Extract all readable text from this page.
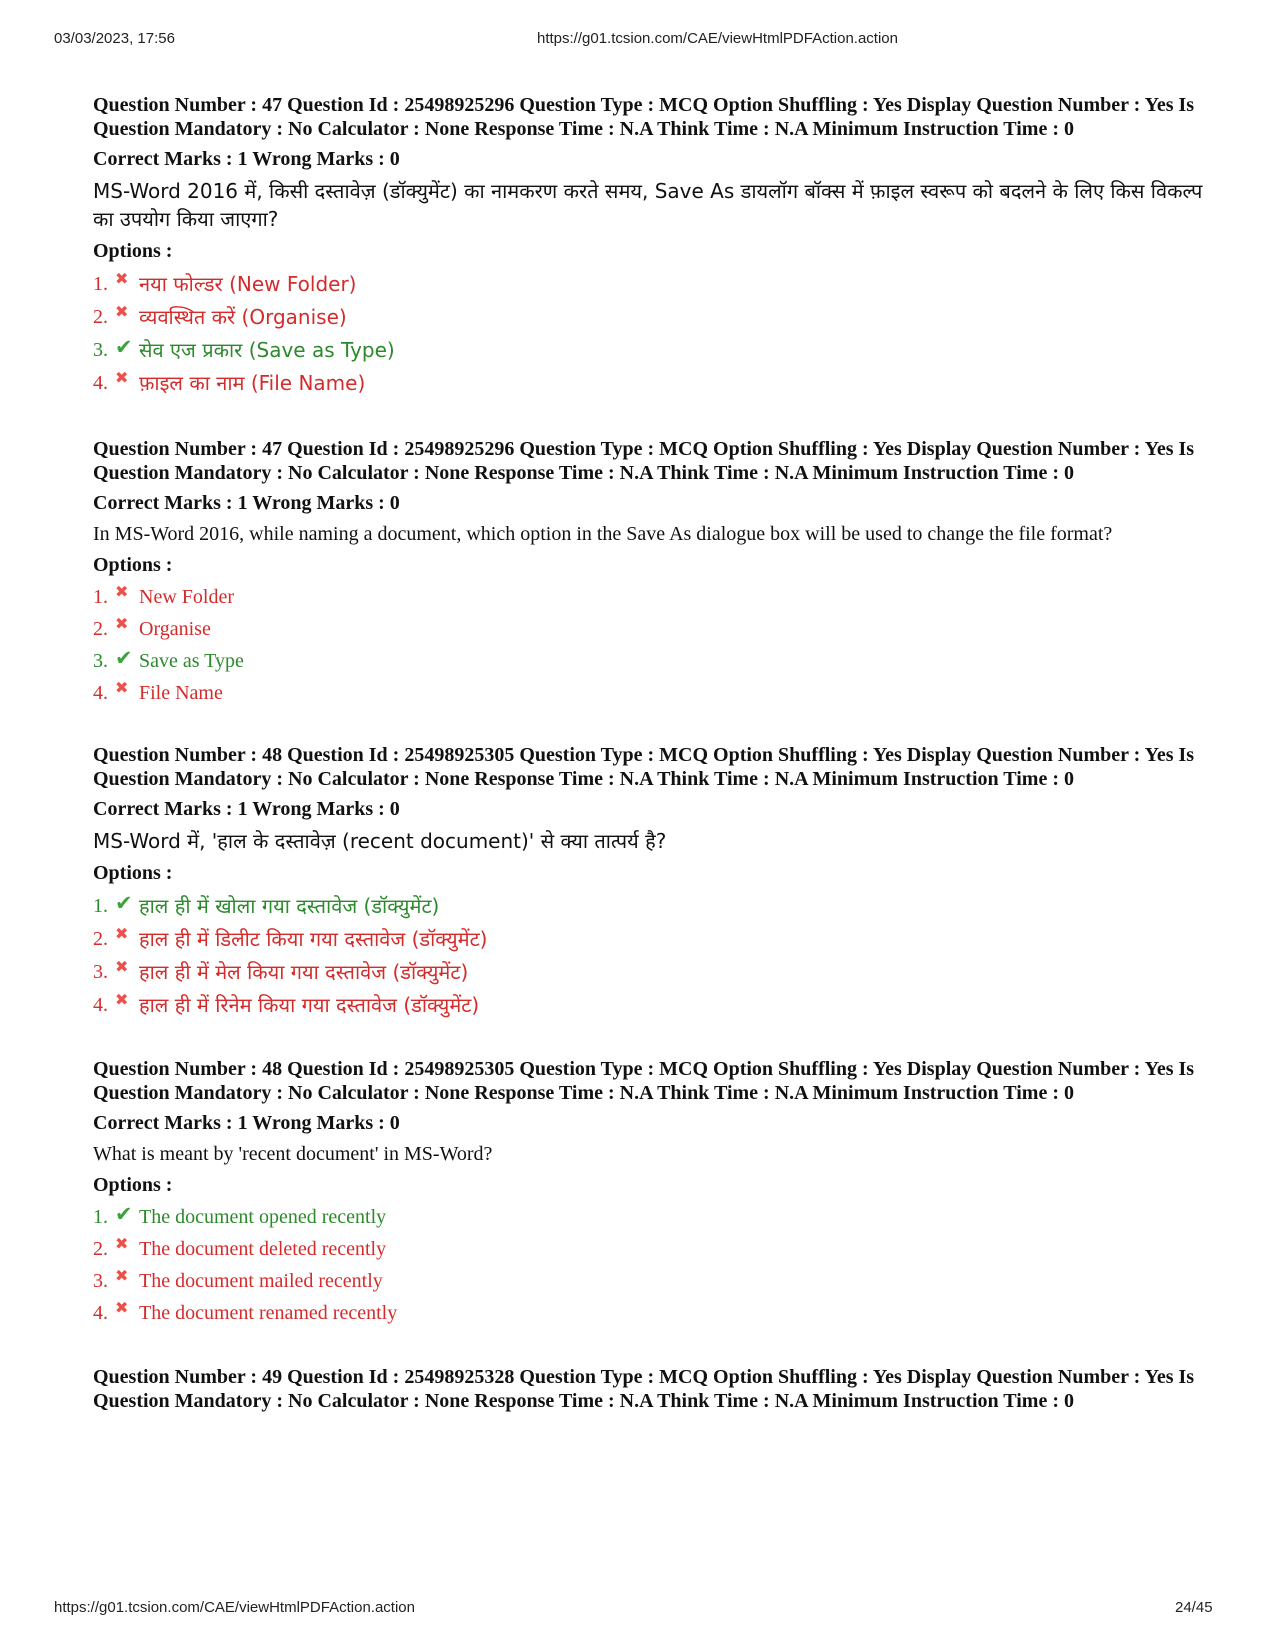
03/03/2023, 17:56	https://g01.tcsion.com/CAE/viewHtmlPDFAction.action
Question Number : 47 Question Id : 25498925296 Question Type : MCQ Option Shuffling : Yes Display Question Number : Yes Is Question Mandatory : No Calculator : None Response Time : N.A Think Time : N.A Minimum Instruction Time : 0
Correct Marks : 1 Wrong Marks : 0
MS-Word 2016 में, किसी दस्तावेज़ (डॉक्युमेंट) का नामकरण करते समय, Save As डायलॉग बॉक्स में फ़ाइल स्वरूप को बदलने के लिए किस विकल्प का उपयोग किया जाएगा?
Options :
1. ✖ नया फोल्डर (New Folder)
2. ✖ व्यवस्थित करें (Organise)
3. ✔ सेव एज प्रकार (Save as Type)
4. ✖ फ़ाइल का नाम (File Name)
Question Number : 47 Question Id : 25498925296 Question Type : MCQ Option Shuffling : Yes Display Question Number : Yes Is Question Mandatory : No Calculator : None Response Time : N.A Think Time : N.A Minimum Instruction Time : 0
Correct Marks : 1 Wrong Marks : 0
In MS-Word 2016, while naming a document, which option in the Save As dialogue box will be used to change the file format?
Options :
1. ✖ New Folder
2. ✖ Organise
3. ✔ Save as Type
4. ✖ File Name
Question Number : 48 Question Id : 25498925305 Question Type : MCQ Option Shuffling : Yes Display Question Number : Yes Is Question Mandatory : No Calculator : None Response Time : N.A Think Time : N.A Minimum Instruction Time : 0
Correct Marks : 1 Wrong Marks : 0
MS-Word में, 'हाल के दस्तावेज़ (recent document)' से क्या तात्पर्य है?
Options :
1. ✔ हाल ही में खोला गया दस्तावेज (डॉक्युमेंट)
2. ✖ हाल ही में डिलीट किया गया दस्तावेज (डॉक्युमेंट)
3. ✖ हाल ही में मेल किया गया दस्तावेज (डॉक्युमेंट)
4. ✖ हाल ही में रिनेम किया गया दस्तावेज (डॉक्युमेंट)
Question Number : 48 Question Id : 25498925305 Question Type : MCQ Option Shuffling : Yes Display Question Number : Yes Is Question Mandatory : No Calculator : None Response Time : N.A Think Time : N.A Minimum Instruction Time : 0
Correct Marks : 1 Wrong Marks : 0
What is meant by 'recent document' in MS-Word?
Options :
1. ✔ The document opened recently
2. ✖ The document deleted recently
3. ✖ The document mailed recently
4. ✖ The document renamed recently
Question Number : 49 Question Id : 25498925328 Question Type : MCQ Option Shuffling : Yes Display Question Number : Yes Is Question Mandatory : No Calculator : None Response Time : N.A Think Time : N.A Minimum Instruction Time : 0
https://g01.tcsion.com/CAE/viewHtmlPDFAction.action	24/45
